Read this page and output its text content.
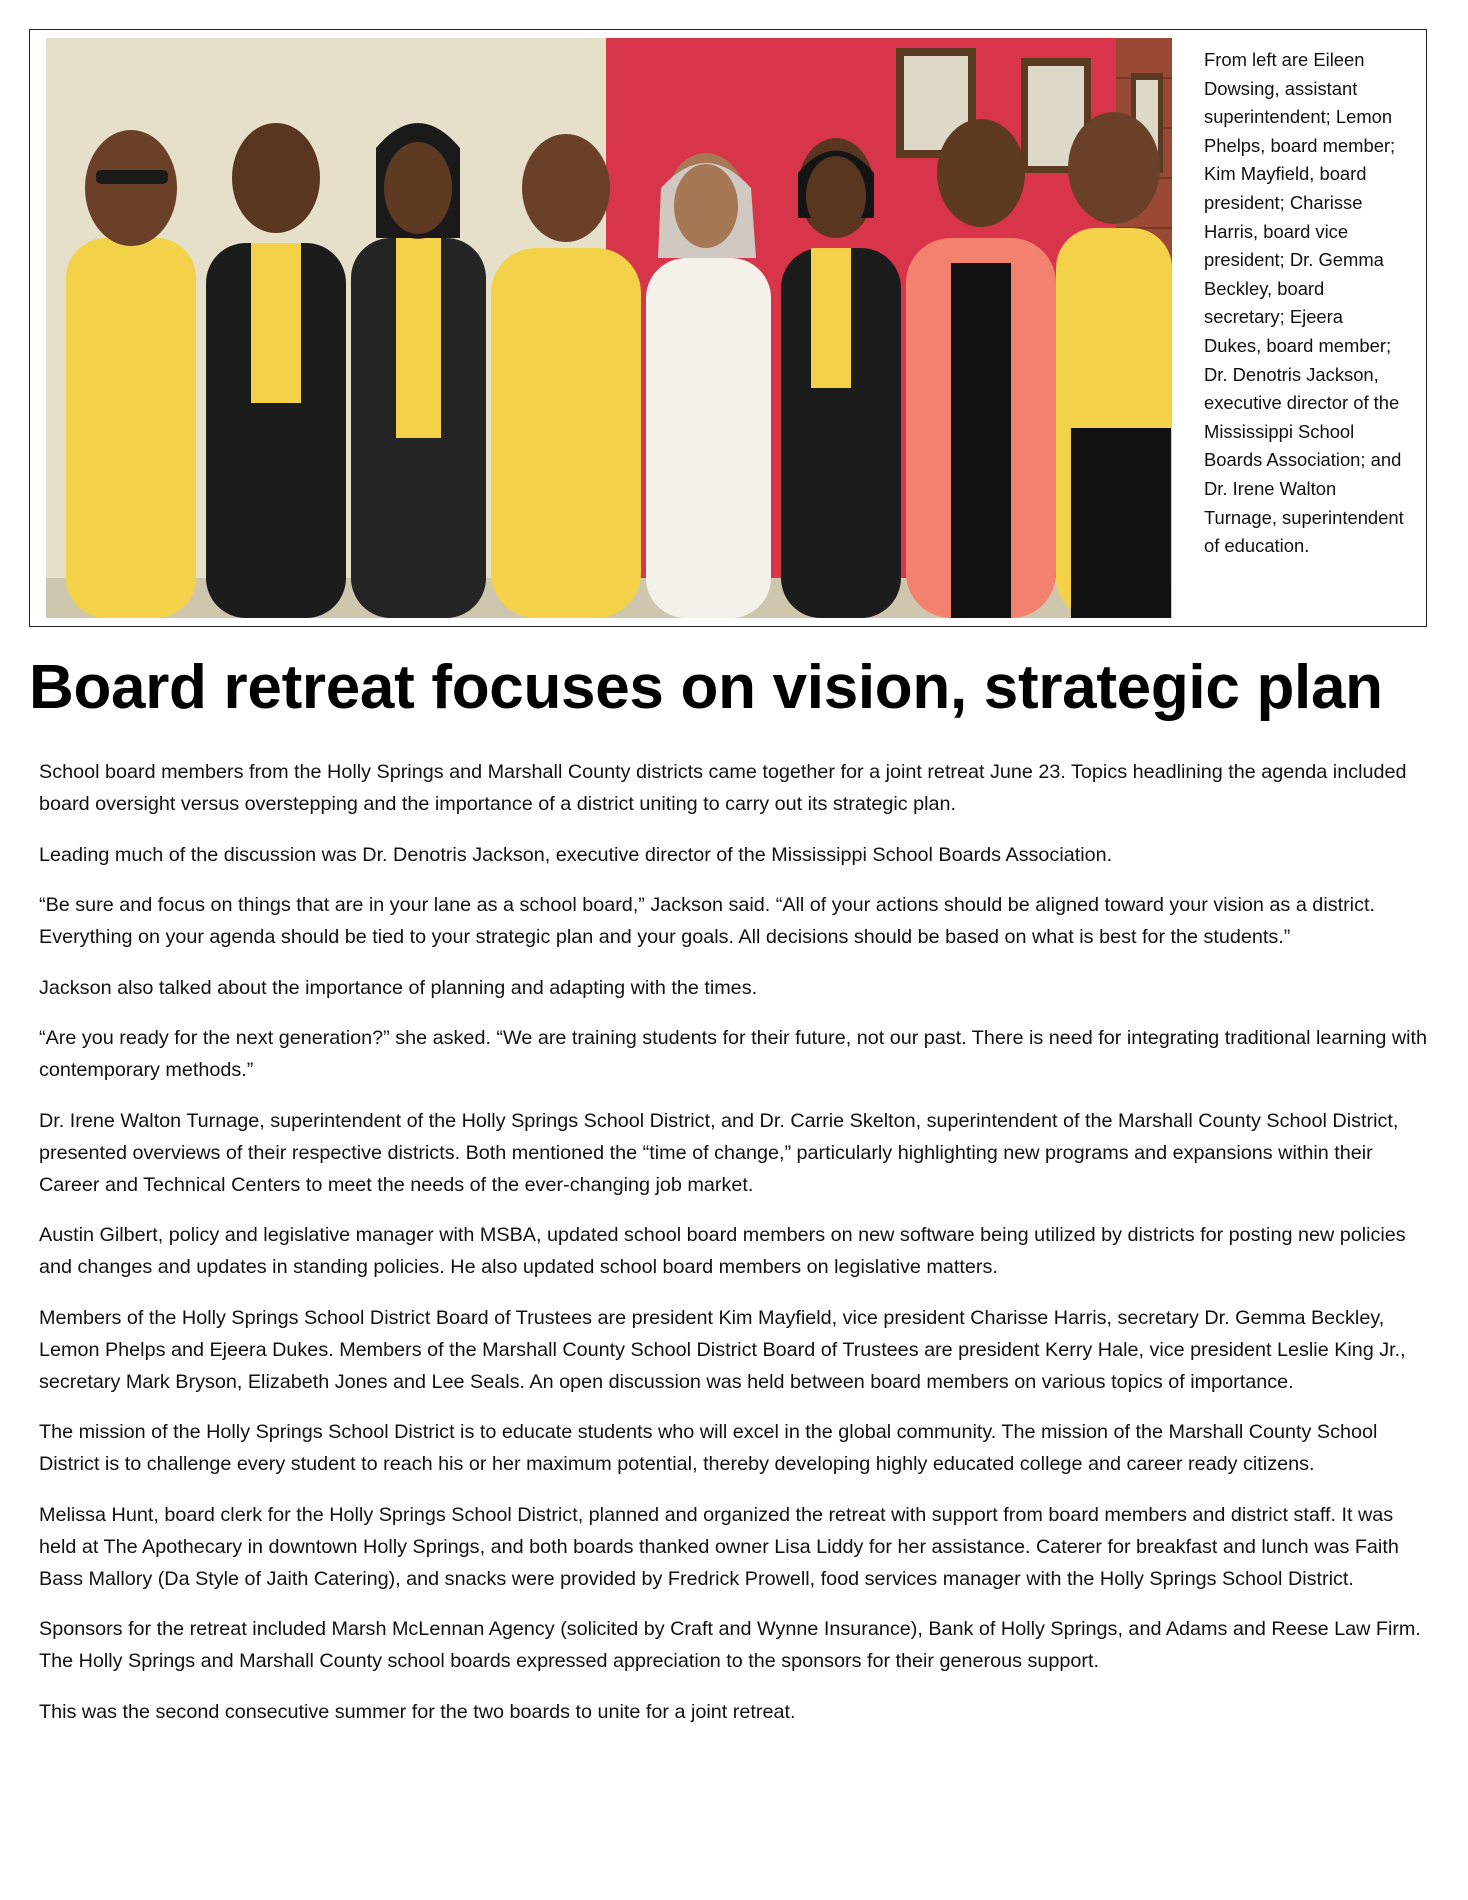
From left are Eileen Dowsing, assistant superintendent; Lemon Phelps, board member; Kim Mayfield, board president; Charisse Harris, board vice president; Dr. Gemma Beckley, board secretary; Ejeera Dukes, board member; Dr. Denotris Jackson, executive director of the Mississippi School Boards Association; and Dr. Irene Walton Turnage, superintendent of education.
Board retreat focuses on vision, strategic plan

School board members from the Holly Springs and Marshall County districts came together for a joint retreat June 23. Topics headlining the agenda included board oversight versus overstepping and the importance of a district uniting to carry out its strategic plan.

Leading much of the discussion was Dr. Denotris Jackson, executive director of the Mississippi School Boards Association.

“Be sure and focus on things that are in your lane as a school board,” Jackson said. “All of your actions should be aligned toward your vision as a district. Everything on your agenda should be tied to your strategic plan and your goals. All decisions should be based on what is best for the students.”

Jackson also talked about the importance of planning and adapting with the times.

“Are you ready for the next generation?” she asked. “We are training students for their future, not our past. There is need for integrating traditional learning with contemporary methods.”

Dr. Irene Walton Turnage, superintendent of the Holly Springs School District, and Dr. Carrie Skelton, superintendent of the Marshall County School District, presented overviews of their respective districts. Both mentioned the “time of change,” particularly highlighting new programs and expansions within their Career and Technical Centers to meet the needs of the ever-changing job market.

Austin Gilbert, policy and legislative manager with MSBA, updated school board members on new software being utilized by districts for posting new policies and changes and updates in standing policies. He also updated school board members on legislative matters.

Members of the Holly Springs School District Board of Trustees are president Kim Mayfield, vice president Charisse Harris, secretary Dr. Gemma Beckley, Lemon Phelps and Ejeera Dukes. Members of the Marshall County School District Board of Trustees are president Kerry Hale, vice president Leslie King Jr., secretary Mark Bryson, Elizabeth Jones and Lee Seals. An open discussion was held between board members on various topics of importance.

The mission of the Holly Springs School District is to educate students who will excel in the global community. The mission of the Marshall County School District is to challenge every student to reach his or her maximum potential, thereby developing highly educated college and career ready citizens.

Melissa Hunt, board clerk for the Holly Springs School District, planned and organized the retreat with support from board members and district staff. It was held at The Apothecary in downtown Holly Springs, and both boards thanked owner Lisa Liddy for her assistance. Caterer for breakfast and lunch was Faith Bass Mallory (Da Style of Jaith Catering), and snacks were provided by Fredrick Prowell, food services manager with the Holly Springs School District.

Sponsors for the retreat included Marsh McLennan Agency (solicited by Craft and Wynne Insurance), Bank of Holly Springs, and Adams and Reese Law Firm. The Holly Springs and Marshall County school boards expressed appreciation to the sponsors for their generous support.

This was the second consecutive summer for the two boards to unite for a joint retreat.
